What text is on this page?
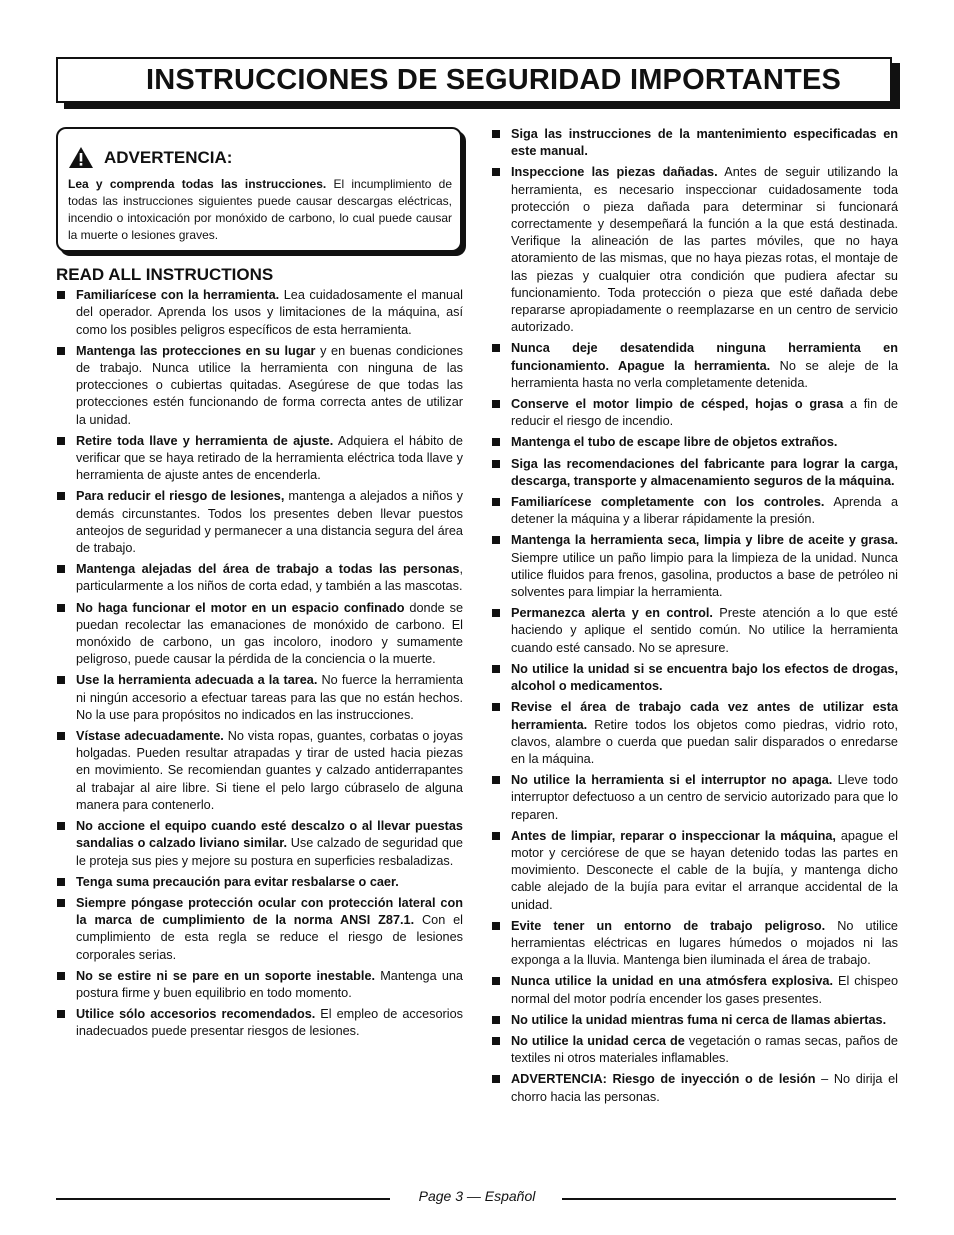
INSTRUCCIONES DE SEGURIDAD IMPORTANTES
ADVERTENCIA:
Lea y comprenda todas las instrucciones. El incumplimiento de todas las instrucciones siguientes puede causar descargas eléctricas, incendio o intoxicación por monóxido de carbono, lo cual puede causar la muerte o lesiones graves.
READ ALL INSTRUCTIONS
Familiarícese con la herramienta. Lea cuidadosamente el manual del operador. Aprenda los usos y limitaciones de la máquina, así como los posibles peligros específicos de esta herramienta.
Mantenga las protecciones en su lugar y en buenas condiciones de trabajo. Nunca utilice la herramienta con ninguna de las protecciones o cubiertas quitadas. Asegúrese de que todas las protecciones estén funcionando de forma correcta antes de utilizar la unidad.
Retire toda llave y herramienta de ajuste. Adquiera el hábito de verificar que se haya retirado de la herramienta eléctrica toda llave y herramienta de ajuste antes de encenderla.
Para reducir el riesgo de lesiones, mantenga a alejados a niños y demás circunstantes. Todos los presentes deben llevar puestos anteojos de seguridad y permanecer a una distancia segura del área de trabajo.
Mantenga alejadas del área de trabajo a todas las personas, particularmente a los niños de corta edad, y también a las mascotas.
No haga funcionar el motor en un espacio confinado donde se puedan recolectar las emanaciones de monóxido de carbono. El monóxido de carbono, un gas incoloro, inodoro y sumamente peligroso, puede causar la pérdida de la conciencia o la muerte.
Use la herramienta adecuada a la tarea. No fuerce la herramienta ni ningún accesorio a efectuar tareas para las que no están hechos. No la use para propósitos no indicados en las instrucciones.
Vístase adecuadamente. No vista ropas, guantes, corbatas o joyas holgadas. Pueden resultar atrapadas y tirar de usted hacia piezas en movimiento. Se recomiendan guantes y calzado antiderrapantes al trabajar al aire libre. Si tiene el pelo largo cúbraselo de alguna manera para contenerlo.
No accione el equipo cuando esté descalzo o al llevar puestas sandalias o calzado liviano similar. Use calzado de seguridad que le proteja sus pies y mejore su postura en superficies resbaladizas.
Tenga suma precaución para evitar resbalarse o caer.
Siempre póngase protección ocular con protección lateral con la marca de cumplimiento de la norma ANSI Z87.1. Con el cumplimiento de esta regla se reduce el riesgo de lesiones corporales serias.
No se estire ni se pare en un soporte inestable. Mantenga una postura firme y buen equilibrio en todo momento.
Utilice sólo accesorios recomendados. El empleo de accesorios inadecuados puede presentar riesgos de lesiones.
Siga las instrucciones de la mantenimiento especificadas en este manual.
Inspeccione las piezas dañadas. Antes de seguir utilizando la herramienta, es necesario inspeccionar cuidadosamente toda protección o pieza dañada para determinar si funcionará correctamente y desempeñará la función a la que está destinada. Verifique la alineación de las partes móviles, que no haya atoramiento de las mismas, que no haya piezas rotas, el montaje de las piezas y cualquier otra condición que pudiera afectar su funcionamiento. Toda protección o pieza que esté dañada debe repararse apropiadamente o reemplazarse en un centro de servicio autorizado.
Nunca deje desatendida ninguna herramienta en funcionamiento. Apague la herramienta. No se aleje de la herramienta hasta no verla completamente detenida.
Conserve el motor limpio de césped, hojas o grasa a fin de reducir el riesgo de incendio.
Mantenga el tubo de escape libre de objetos extraños.
Siga las recomendaciones del fabricante para lograr la carga, descarga, transporte y almacenamiento seguros de la máquina.
Familiarícese completamente con los controles. Aprenda a detener la máquina y a liberar rápidamente la presión.
Mantenga la herramienta seca, limpia y libre de aceite y grasa. Siempre utilice un paño limpio para la limpieza de la unidad. Nunca utilice fluidos para frenos, gasolina, productos a base de petróleo ni solventes para limpiar la herramienta.
Permanezca alerta y en control. Preste atención a lo que esté haciendo y aplique el sentido común. No utilice la herramienta cuando esté cansado. No se apresure.
No utilice la unidad si se encuentra bajo los efectos de drogas, alcohol o medicamentos.
Revise el área de trabajo cada vez antes de utilizar esta herramienta. Retire todos los objetos como piedras, vidrio roto, clavos, alambre o cuerda que puedan salir disparados o enredarse en la máquina.
No utilice la herramienta si el interruptor no apaga. Lleve todo interruptor defectuoso a un centro de servicio autorizado para que lo reparen.
Antes de limpiar, reparar o inspeccionar la máquina, apague el motor y cerciórese de que se hayan detenido todas las partes en movimiento. Desconecte el cable de la bujía, y mantenga dicho cable alejado de la bujía para evitar el arranque accidental de la unidad.
Evite tener un entorno de trabajo peligroso. No utilice herramientas eléctricas en lugares húmedos o mojados ni las exponga a la lluvia. Mantenga bien iluminada el área de trabajo.
Nunca utilice la unidad en una atmósfera explosiva. El chispeo normal del motor podría encender los gases presentes.
No utilice la unidad mientras fuma ni cerca de llamas abiertas.
No utilice la unidad cerca de vegetación o ramas secas, paños de textiles ni otros materiales inflamables.
ADVERTENCIA: Riesgo de inyección o de lesión – No dirija el chorro hacia las personas.
Page 3 — Español
